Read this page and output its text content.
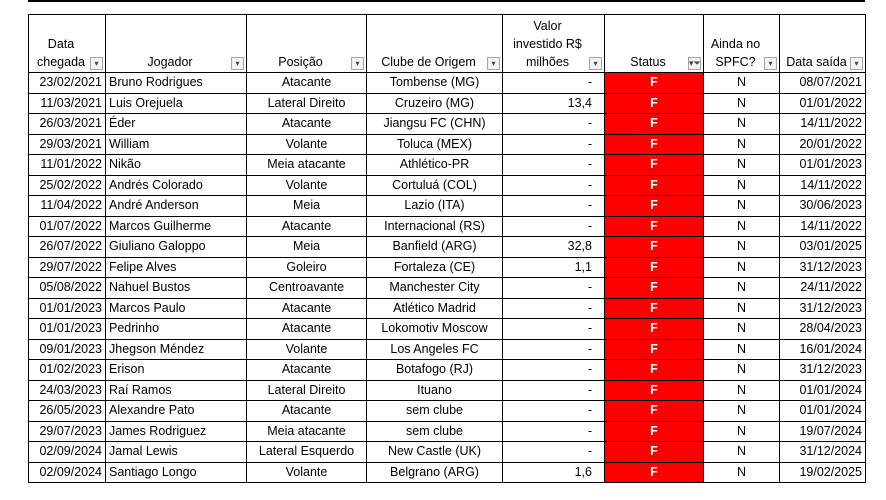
Data chegada ▾	Jogador ▾	Posição ▾	Clube de Origem ▾	Valor investido R$ milhões ▾	Status ▾⏷	Ainda no SPFC? ▾	Data saída ▾

23/02/2021	Bruno Rodrigues	Atacante	Tombense (MG)	-	F	N	08/07/2021
11/03/2021	Luis Orejuela	Lateral Direito	Cruzeiro (MG)	13,4	F	N	01/01/2022
26/03/2021	Éder	Atacante	Jiangsu FC (CHN)	-	F	N	14/11/2022
29/03/2021	William	Volante	Toluca (MEX)	-	F	N	20/01/2022
11/01/2022	Nikão	Meia atacante	Athlético-PR	-	F	N	01/01/2023
25/02/2022	Andrés Colorado	Volante	Cortuluá (COL)	-	F	N	14/11/2022
11/04/2022	André Anderson	Meia	Lazio (ITA)	-	F	N	30/06/2023
01/07/2022	Marcos Guilherme	Atacante	Internacional (RS)	-	F	N	14/11/2022
26/07/2022	Giuliano Galoppo	Meia	Banfield (ARG)	32,8	F	N	03/01/2025
29/07/2022	Felipe Alves	Goleiro	Fortaleza (CE)	1,1	F	N	31/12/2023
05/08/2022	Nahuel Bustos	Centroavante	Manchester City	-	F	N	24/11/2022
01/01/2023	Marcos Paulo	Atacante	Atlético Madrid	-	F	N	31/12/2023
01/01/2023	Pedrinho	Atacante	Lokomotiv Moscow	-	F	N	28/04/2023
09/01/2023	Jhegson Méndez	Volante	Los Angeles FC	-	F	N	16/01/2024
01/02/2023	Erison	Atacante	Botafogo (RJ)	-	F	N	31/12/2023
24/03/2023	Raí Ramos	Lateral Direito	Ituano	-	F	N	01/01/2024
26/05/2023	Alexandre Pato	Atacante	sem clube	-	F	N	01/01/2024
29/07/2023	James Rodriguez	Meia atacante	sem clube	-	F	N	19/07/2024
02/09/2024	Jamal Lewis	Lateral Esquerdo	New Castle (UK)	-	F	N	31/12/2024
02/09/2024	Santiago Longo	Volante	Belgrano (ARG)	1,6	F	N	19/02/2025
